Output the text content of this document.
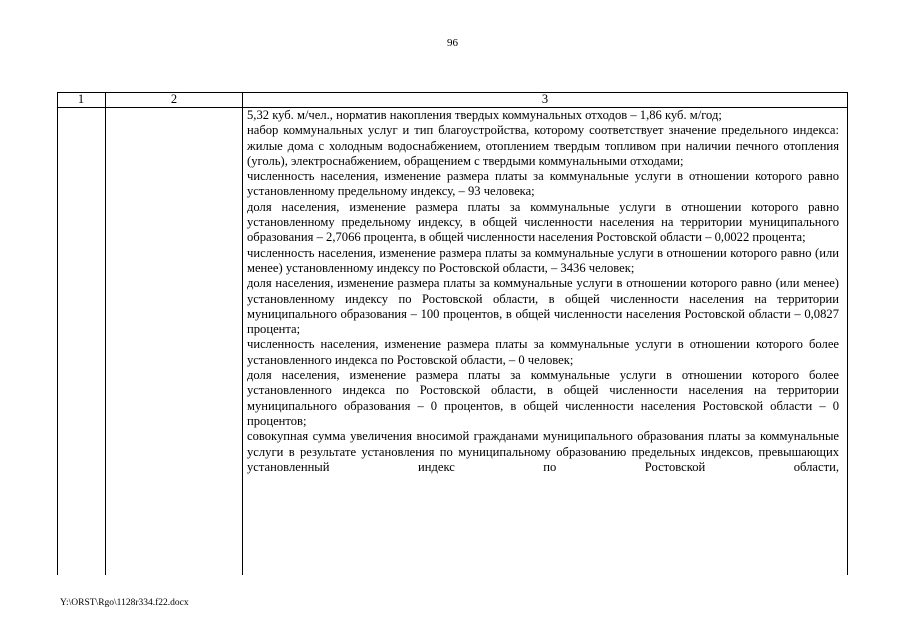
96
1	2	3

5,32 куб. м/чел., норматив накопления твердых коммунальных отходов – 1,86 куб. м/год;

набор коммунальных услуг и тип благоустройства, которому соответствует значение предельного индекса: жилые дома с холодным водоснабжением, отоплением твердым топливом при наличии печного отопления (уголь), электроснабжением, обращением с твердыми коммунальными отходами;

численность населения, изменение размера платы за коммунальные услуги в отношении которого равно установленному предельному индексу, – 93 человека;

доля населения, изменение размера платы за коммунальные услуги в отношении которого равно установленному предельному индексу, в общей численности населения на территории муниципального образования – 2,7066 процента, в общей численности населения Ростовской области – 0,0022 процента;

численность населения, изменение размера платы за коммунальные услуги в отношении которого равно (или менее) установленному индексу по Ростовской области, – 3436 человек;

доля населения, изменение размера платы за коммунальные услуги в отношении которого равно (или менее) установленному индексу по Ростовской области, в общей численности населения на территории муниципального образования – 100 процентов, в общей численности населения Ростовской области – 0,0827 процента;

численность населения, изменение размера платы за коммунальные услуги в отношении которого более установленного индекса по Ростовской области, – 0 человек;

доля населения, изменение размера платы за коммунальные услуги в отношении которого более установленного индекса по Ростовской области, в общей численности населения на территории муниципального образования – 0 процентов, в общей численности населения Ростовской области – 0 процентов;

совокупная сумма увеличения вносимой гражданами муниципального образования платы за коммунальные услуги в результате установления по муниципальному образованию предельных индексов, превышающих установленный индекс по Ростовской области,

Y:\ORST\Rgo\1128r334.f22.docx
